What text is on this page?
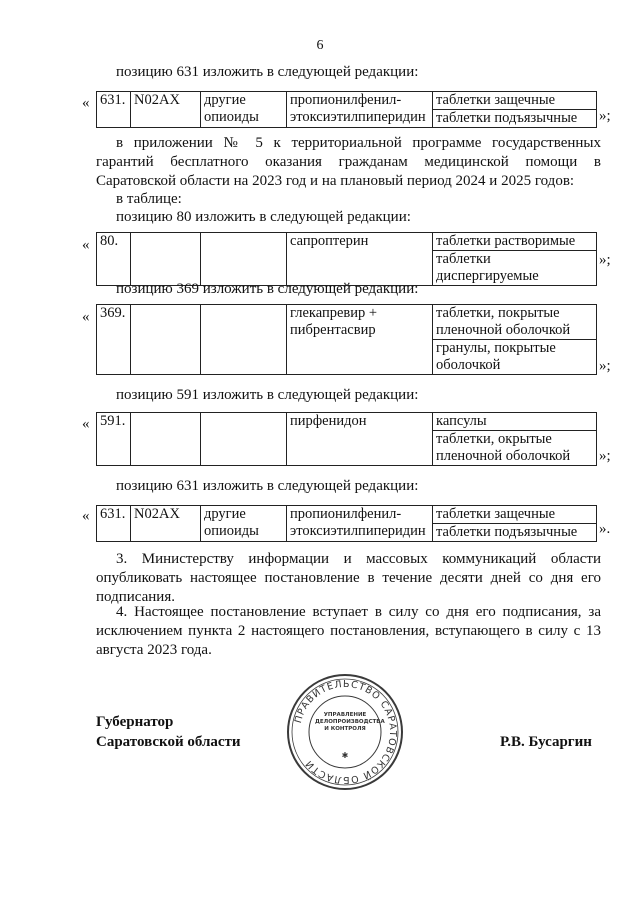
6
позицию 631 изложить в следующей редакции:
« 631.	N02AX	другие опиоиды	пропионилфенил-этоксиэтилпиперидин	таблетки защечные
таблетки подъязычные »;
в приложении № 5 к территориальной программе государственных гарантий бесплатного оказания гражданам медицинской помощи в Саратовской области на 2023 год и на плановый период 2024 и 2025 годов:
в таблице:
позицию 80 изложить в следующей редакции:
« 80.			сапроптерин	таблетки растворимые
таблетки диспергируемые
»;
позицию 369 изложить в следующей редакции:
« 369.			глекапревир + пибрентасвир	таблетки, покрытые пленочной оболочкой
гранулы, покрытые оболочкой	»;
позицию 591 изложить в следующей редакции:
« 591.			пирфенидон	капсулы
таблетки, окрытые пленочной оболочкой »;
позицию 631 изложить в следующей редакции:
« 631.	N02AX	другие опиоиды	пропионилфенил-этоксиэтилпиперидин	таблетки защечные
таблетки подъязычные ».
3. Министерству информации и массовых коммуникаций области опубликовать настоящее постановление в течение десяти дней со дня его подписания.
4. Настоящее постановление вступает в силу со дня его подписания, за исключением пункта 2 настоящего постановления, вступающего в силу с 13 августа 2023 года.
Губернатор
Саратовской области	Р.В. Бусаргин
ПРАВИТЕЛЬСТВО САРАТОВСКОЙ ОБЛАСТИ
✱
УПРАВЛЕНИЕ ДЕЛОПРОИЗВОДСТВА И КОНТРОЛЯ
